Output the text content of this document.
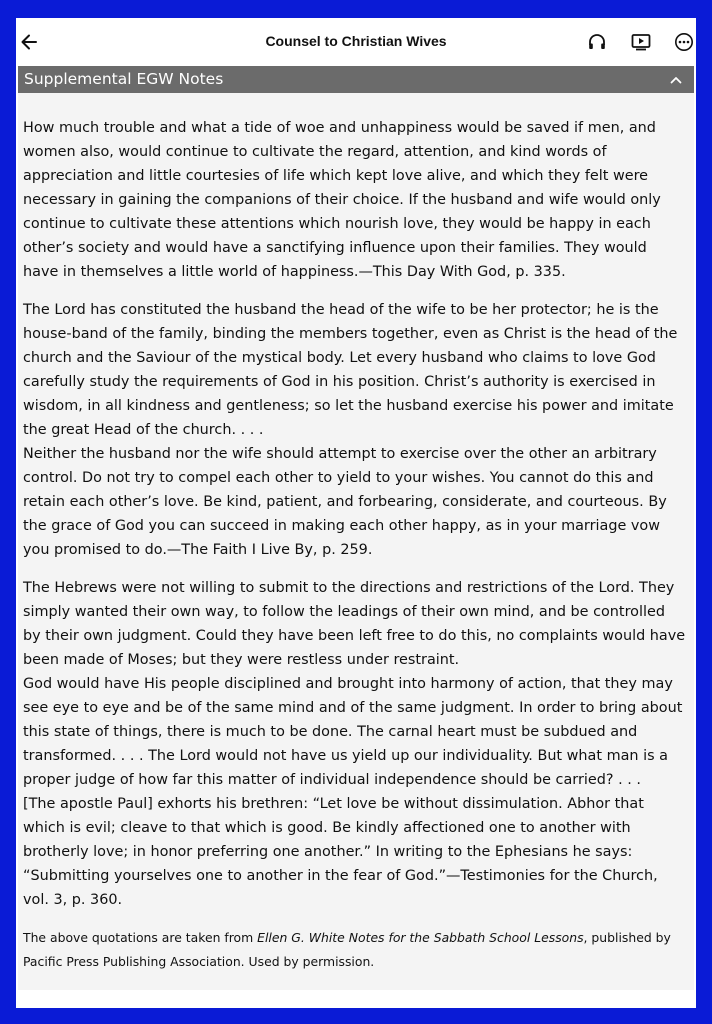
Counsel to Christian Wives
Supplemental EGW Notes
How much trouble and what a tide of woe and unhappiness would be saved if men, and women also, would continue to cultivate the regard, attention, and kind words of appreciation and little courtesies of life which kept love alive, and which they felt were necessary in gaining the companions of their choice. If the husband and wife would only continue to cultivate these attentions which nourish love, they would be happy in each other’s society and would have a sanctifying influence upon their families. They would have in themselves a little world of happiness.—This Day With God, p. 335.
The Lord has constituted the husband the head of the wife to be her protector; he is the house-band of the family, binding the members together, even as Christ is the head of the church and the Saviour of the mystical body. Let every husband who claims to love God carefully study the requirements of God in his position. Christ’s authority is exercised in wisdom, in all kindness and gentleness; so let the husband exercise his power and imitate the great Head of the church. . . .
Neither the husband nor the wife should attempt to exercise over the other an arbitrary control. Do not try to compel each other to yield to your wishes. You cannot do this and retain each other’s love. Be kind, patient, and forbearing, considerate, and courteous. By the grace of God you can succeed in making each other happy, as in your marriage vow you promised to do.—The Faith I Live By, p. 259.
The Hebrews were not willing to submit to the directions and restrictions of the Lord. They simply wanted their own way, to follow the leadings of their own mind, and be controlled by their own judgment. Could they have been left free to do this, no complaints would have been made of Moses; but they were restless under restraint.
God would have His people disciplined and brought into harmony of action, that they may see eye to eye and be of the same mind and of the same judgment. In order to bring about this state of things, there is much to be done. The carnal heart must be subdued and transformed. . . . The Lord would not have us yield up our individuality. But what man is a proper judge of how far this matter of individual independence should be carried? . . .
[The apostle Paul] exhorts his brethren: “Let love be without dissimulation. Abhor that which is evil; cleave to that which is good. Be kindly affectioned one to another with brotherly love; in honor preferring one another.” In writing to the Ephesians he says: “Submitting yourselves one to another in the fear of God.”—Testimonies for the Church, vol. 3, p. 360.
The above quotations are taken from Ellen G. White Notes for the Sabbath School Lessons, published by Pacific Press Publishing Association. Used by permission.
